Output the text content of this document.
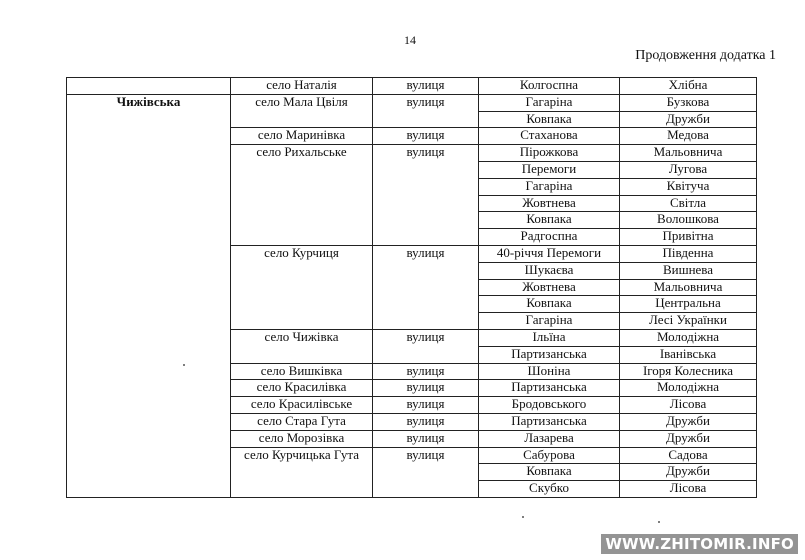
14
Продовження додатка 1
	село Наталія	вулиця	Колгоспна	Хлібна
Чижівська	село Мала Цвіля	вулиця	Гагаріна	Бузкова
			Ковпака	Дружби
	село Маринівка	вулиця	Стаханова	Медова
	село Рихальське	вулиця	Пірожкова	Мальовнича
			Перемоги	Лугова
			Гагаріна	Квітуча
			Жовтнева	Світла
			Ковпака	Волошкова
			Радгоспна	Привітна
	село Курчиця	вулиця	40-річчя Перемоги	Південна
			Шукаєва	Вишнева
			Жовтнева	Мальовнича
			Ковпака	Центральна
			Гагаріна	Лесі Українки
	село Чижівка	вулиця	Ільїна	Молодіжна
			Партизанська	Іванівська
	село Вишківка	вулиця	Шоніна	Ігоря Колесника
	село Красилівка	вулиця	Партизанська	Молодіжна
	село Красилівське	вулиця	Бродовського	Лісова
	село Стара Гута	вулиця	Партизанська	Дружби
	село Морозівка	вулиця	Лазарева	Дружби
	село Курчицька Гута	вулиця	Сабурова	Садова
			Ковпака	Дружби
			Скубко	Лісова
WWW.ZHITOMIR.INFO
